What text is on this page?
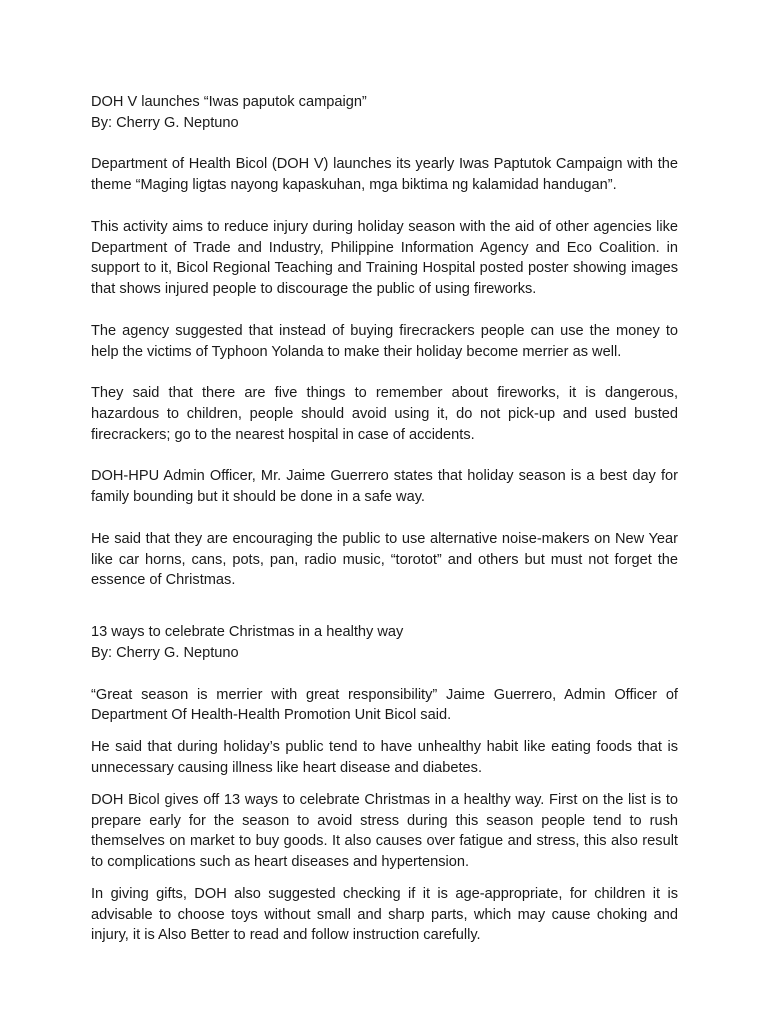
DOH V launches “Iwas paputok campaign”

By: Cherry G. Neptuno

Department of Health Bicol (DOH V) launches its yearly Iwas Paptutok Campaign with the theme “Maging ligtas nayong kapaskuhan, mga biktima ng kalamidad handugan”.

This activity aims to reduce injury during holiday season with the aid of other agencies like Department of Trade and Industry, Philippine Information Agency and Eco Coalition. in support to it, Bicol Regional Teaching and Training Hospital posted poster showing images that shows injured people to discourage the public of using fireworks.

The agency suggested that instead of buying firecrackers people can use the money to help the victims of Typhoon Yolanda to make their holiday become merrier as well.

They said that there are five things to remember about fireworks, it is dangerous, hazardous to children, people should avoid using it, do not pick-up and used busted firecrackers; go to the nearest hospital in case of accidents.

DOH-HPU Admin Officer, Mr. Jaime Guerrero states that holiday season is a best day for family bounding but it should be done in a safe way.

He said that they are encouraging the public to use alternative noise-makers on New Year like car horns, cans, pots, pan, radio music, “torotot” and others but must not forget the essence of Christmas.

13 ways to celebrate Christmas in a healthy way

By: Cherry G. Neptuno

“Great season is merrier with great responsibility” Jaime Guerrero, Admin Officer of Department Of Health-Health Promotion Unit Bicol said.

He said that during holiday’s public tend to have unhealthy habit like eating foods that is unnecessary causing illness like heart disease and diabetes.

DOH Bicol gives off 13 ways to celebrate Christmas in a healthy way. First on the list is to prepare early for the season to avoid stress during this season people tend to rush themselves on market to buy goods. It also causes over fatigue and stress, this also result to complications such as heart diseases and hypertension.

In giving gifts, DOH also suggested checking if it is age-appropriate, for children it is advisable to choose toys without small and sharp parts, which may cause choking and injury, it is Also Better to read and follow instruction carefully.
